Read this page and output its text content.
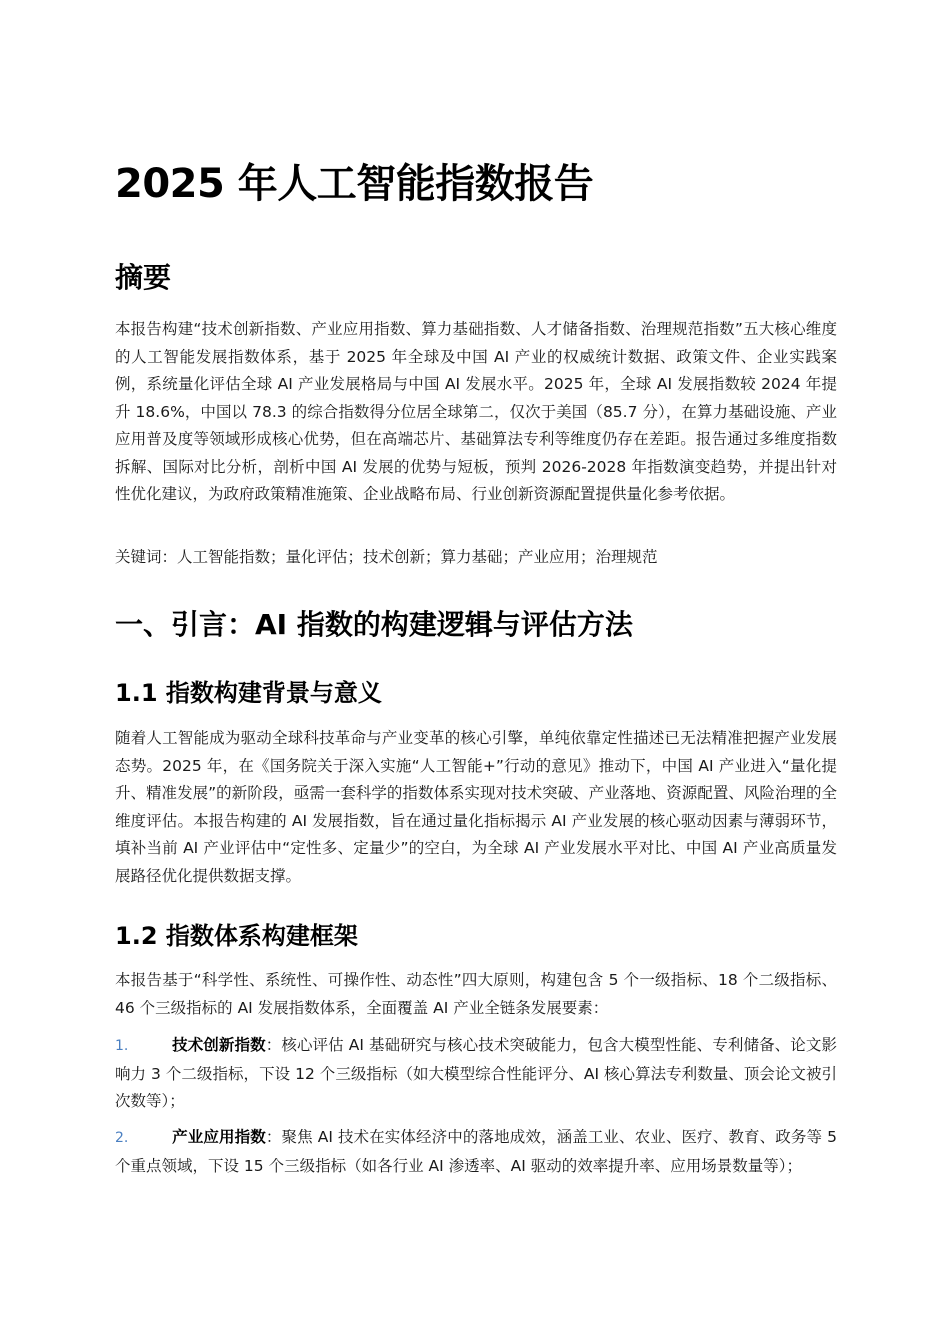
2025 年人工智能指数报告
摘要

本报告构建“技术创新指数、产业应用指数、算力基础指数、人才储备指数、治理规范指数”五大核心维度的人工智能发展指数体系，基于 2025 年全球及中国 AI 产业的权威统计数据、政策文件、企业实践案例，系统量化评估全球 AI 产业发展格局与中国 AI 发展水平。2025 年，全球 AI 发展指数较 2024 年提升 18.6%，中国以 78.3 的综合指数得分位居全球第二，仅次于美国（85.7 分），在算力基础设施、产业应用普及度等领域形成核心优势，但在高端芯片、基础算法专利等维度仍存在差距。报告通过多维度指数拆解、国际对比分析，剖析中国 AI 发展的优势与短板，预判 2026-2028 年指数演变趋势，并提出针对性优化建议，为政府政策精准施策、企业战略布局、行业创新资源配置提供量化参考依据。

关键词：人工智能指数；量化评估；技术创新；算力基础；产业应用；治理规范

一、引言：AI 指数的构建逻辑与评估方法
1.1 指数构建背景与意义

随着人工智能成为驱动全球科技革命与产业变革的核心引擎，单纯依靠定性描述已无法精准把握产业发展态势。2025 年，在《国务院关于深入实施“人工智能+”行动的意见》推动下，中国 AI 产业进入“量化提升、精准发展”的新阶段，亟需一套科学的指数体系实现对技术突破、产业落地、资源配置、风险治理的全维度评估。本报告构建的 AI 发展指数，旨在通过量化指标揭示 AI 产业发展的核心驱动因素与薄弱环节，填补当前 AI 产业评估中“定性多、定量少”的空白，为全球 AI 产业发展水平对比、中国 AI 产业高质量发展路径优化提供数据支撑。

1.2 指数体系构建框架

本报告基于“科学性、系统性、可操作性、动态性”四大原则，构建包含 5 个一级指标、18 个二级指标、46 个三级指标的 AI 发展指数体系，全面覆盖 AI 产业全链条发展要素：

1.	技术创新指数：核心评估 AI 基础研究与核心技术突破能力，包含大模型性能、专利储备、论文影响力 3 个二级指标，下设 12 个三级指标（如大模型综合性能评分、AI 核心算法专利数量、顶会论文被引次数等）；

2.	产业应用指数：聚焦 AI 技术在实体经济中的落地成效，涵盖工业、农业、医疗、教育、政务等 5 个重点领域，下设 15 个三级指标（如各行业 AI 渗透率、AI 驱动的效率提升率、应用场景数量等）；
